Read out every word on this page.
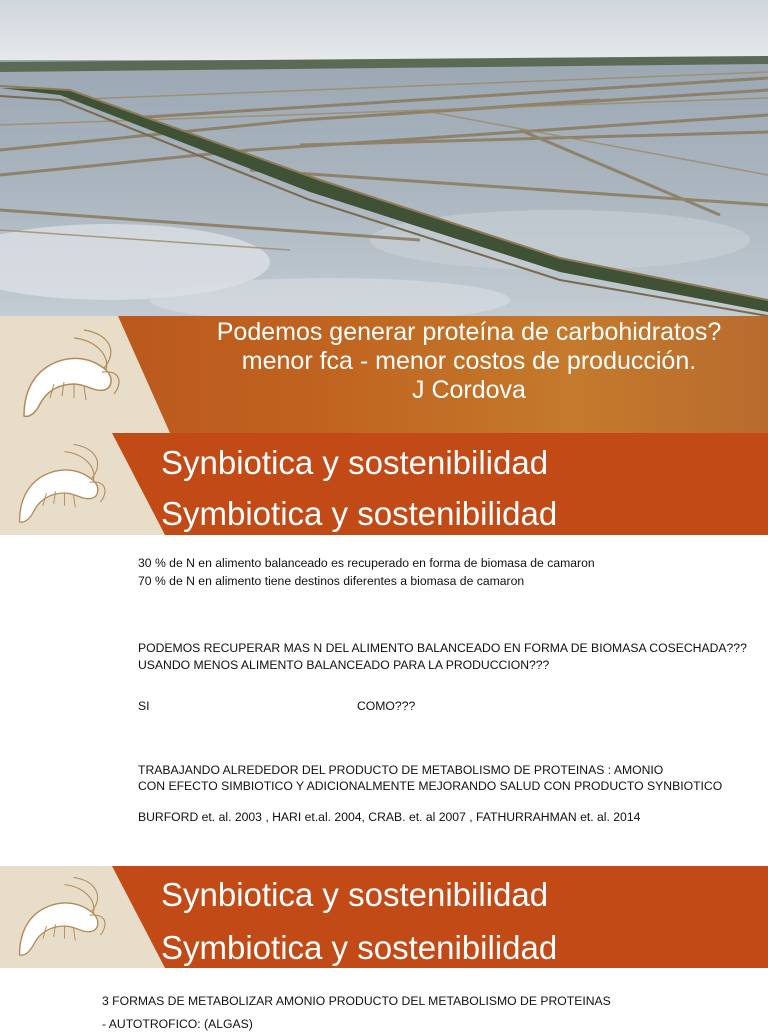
Podemos generar proteína de carbohidratos?
menor fca - menor costos de producción.
J Cordova
Synbiotica y sostenibilidad
Symbiotica y sostenibilidad
30 % de N en alimento balanceado es recuperado en forma de biomasa de camaron
70 % de N en alimento tiene destinos diferentes a biomasa de camaron
PODEMOS RECUPERAR MAS N DEL ALIMENTO BALANCEADO EN FORMA DE BIOMASA COSECHADA???
USANDO MENOS ALIMENTO BALANCEADO PARA LA PRODUCCION???
SI	COMO???
TRABAJANDO ALREDEDOR DEL PRODUCTO DE METABOLISMO DE PROTEINAS : AMONIO
CON EFECTO SIMBIOTICO Y ADICIONALMENTE MEJORANDO SALUD CON PRODUCTO SYNBIOTICO
BURFORD et. al. 2003 , HARI et.al. 2004, CRAB. et. al 2007 , FATHURRAHMAN et. al. 2014
Synbiotica y sostenibilidad
Symbiotica y sostenibilidad
3 FORMAS DE METABOLIZAR AMONIO PRODUCTO DEL METABOLISMO DE PROTEINAS
- AUTOTROFICO: (ALGAS)
